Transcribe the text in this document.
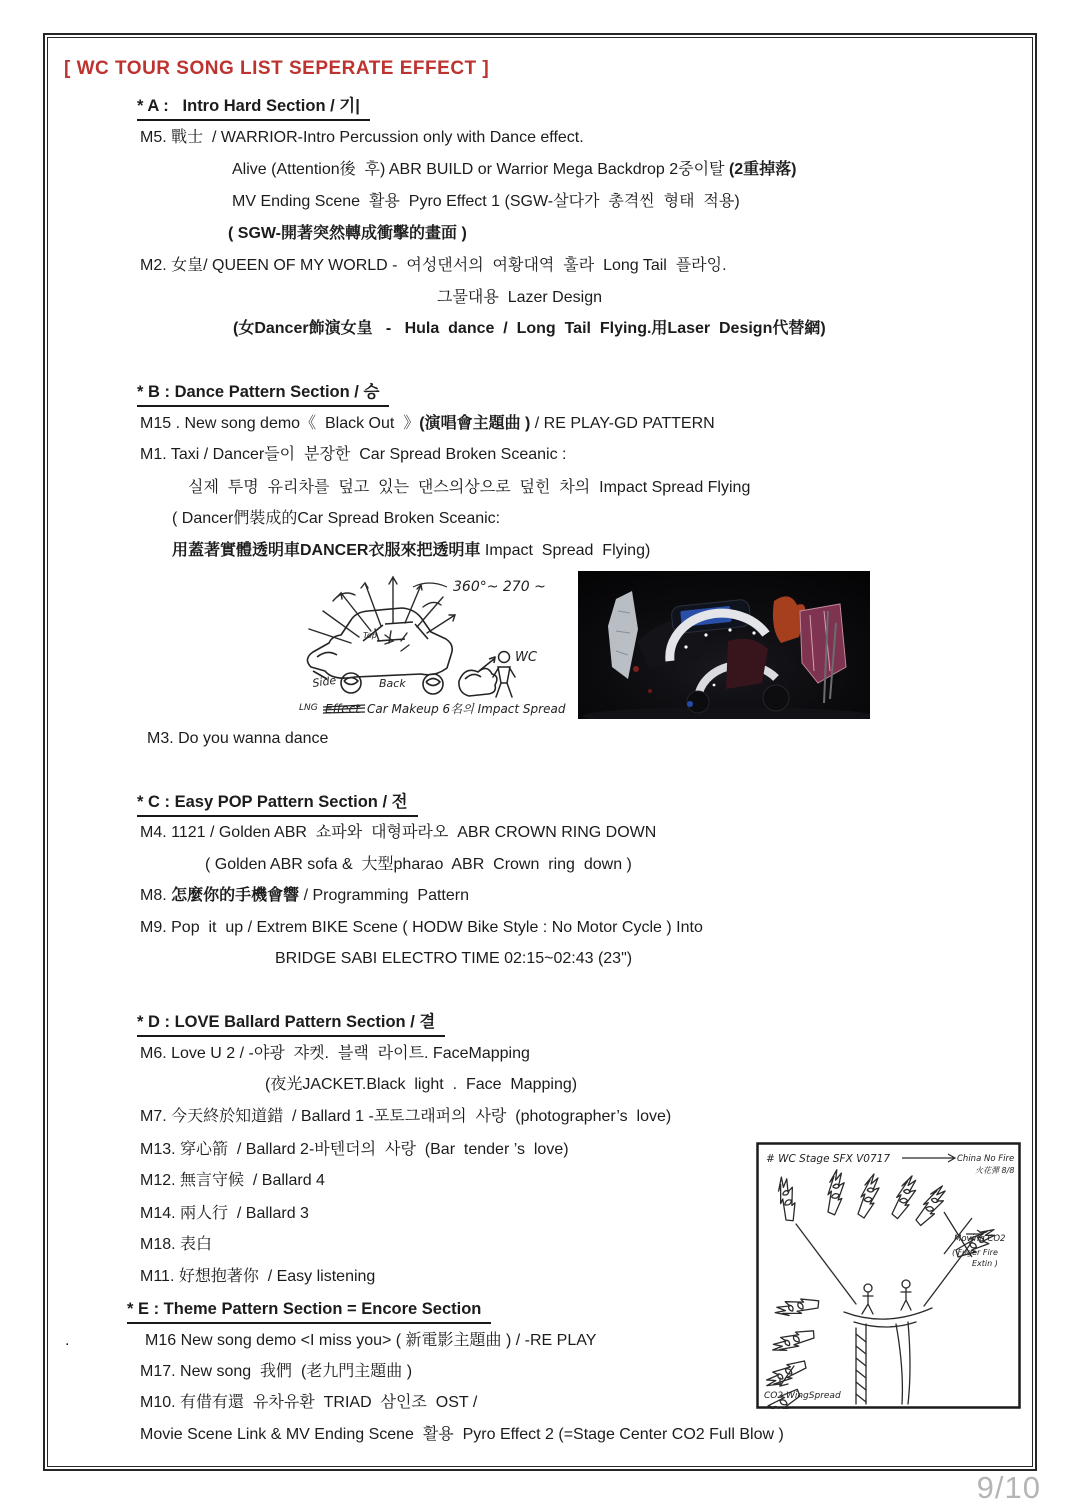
[ WC TOUR SONG LIST SEPERATE EFFECT ]
* A :   Intro Hard Section / 기|
M5. 戰士  / WARRIOR-Intro Percussion only with Dance effect.
Alive (Attention後  후) ABR BUILD or Warrior Mega Backdrop 2중이탈 (2重掉落)
MV Ending Scene  활용  Pyro Effect 1 (SGW-살다가  총격씬  형태  적용)
( SGW-開著突然轉成衝擊的畫面 )
M2. 女皇/ QUEEN OF MY WORLD -  여성댄서의  여황대역  훌라  Long Tail  플라잉.
그물대용  Lazer Design
(女Dancer飾演女皇   -   Hula  dance  /  Long  Tail  Flying.用Laser  Design代替網)
* B : Dance Pattern Section / 승
M15 . New song demo《  Black Out  》(演唱會主題曲 ) / RE PLAY-GD PATTERN
M1. Taxi / Dancer들이  분장한  Car Spread Broken Sceanic :
실제  투명  유리차를  덮고  있는  댄스의상으로  덮힌  차의  Impact Spread Flying
( Dancer們裝成的Car Spread Broken Sceanic:
用蓋著實體透明車DANCER衣服來把透明車 Impact  Spread  Flying)
M3. Do you wanna dance
* C : Easy POP Pattern Section / 전
M4. 1121 / Golden ABR  쇼파와  대형파라오  ABR CROWN RING DOWN
( Golden ABR sofa &  大型pharao  ABR  Crown  ring  down )
M8. 怎麼你的手機會響 / Programming  Pattern
M9. Pop  it  up / Extrem BIKE Scene ( HODW Bike Style : No Motor Cycle ) Into
BRIDGE SABI ELECTRO TIME 02:15~02:43 (23")
* D : LOVE Ballard Pattern Section / 결
M6. Love U 2 / -야광  쟈켓.  블랙  라이트. FaceMapping
(夜光JACKET.Black  light  .  Face  Mapping)
M7. 今天終於知道錯  / Ballard 1 -포토그래퍼의  사랑  (photographer’s  love)
M13. 穿心箭  / Ballard 2-바텐더의  사랑  (Bar  tender ’s  love)
M12. 無言守候  / Ballard 4
M14. 兩人行  / Ballard 3
M18. 表白
M11. 好想抱著你  / Easy listening
* E : Theme Pattern Section = Encore Section
.	M16 New song demo <I miss you> ( 新電影主題曲 ) / -RE PLAY
M17. New song  我們  (老九門主題曲 )
M10. 有借有還  유차유환  TRIAD  삼인조  OST /
Movie Scene Link & MV Ending Scene  활용  Pyro Effect 2 (=Stage Center CO2 Full Blow )
360°~ 270 ~
Side	Back
Top
WC
LNG Effect Car Makeup 6名의 Impact Spread
# WC Stage SFX V0717	China No Fire
火花彈 8/8
Moving CO2
( Fuger Fire
Extin )
CO2 WingSpread
9/10
